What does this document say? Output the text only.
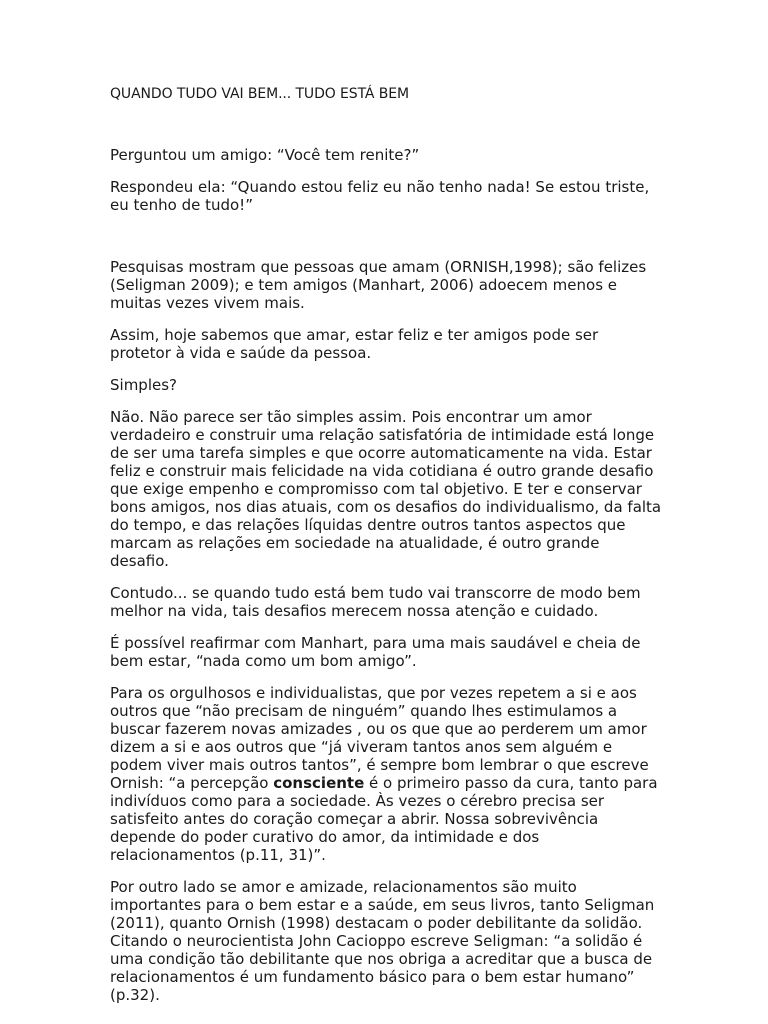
QUANDO TUDO VAI BEM... TUDO ESTÁ BEM

Perguntou um amigo: “Você tem renite?”

Respondeu ela: “Quando estou feliz eu não tenho nada! Se estou triste, eu tenho de tudo!”

Pesquisas mostram que pessoas que amam (ORNISH,1998); são felizes (Seligman 2009); e tem amigos (Manhart, 2006) adoecem menos e muitas vezes vivem mais.

Assim, hoje sabemos que amar, estar feliz e ter amigos pode ser protetor à vida e saúde da pessoa.

Simples?

Não. Não parece ser tão simples assim. Pois encontrar um amor verdadeiro e construir uma relação satisfatória de intimidade está longe de ser uma tarefa simples e que ocorre automaticamente na vida. Estar feliz e construir mais felicidade na vida cotidiana é outro grande desafio que exige empenho e compromisso com tal objetivo. E ter e conservar bons amigos, nos dias atuais, com os desafios do individualismo, da falta do tempo, e das relações líquidas dentre outros tantos aspectos que marcam as relações em sociedade na atualidade, é outro grande desafio.

Contudo... se quando tudo está bem tudo vai transcorre de modo bem melhor na vida, tais desafios merecem nossa atenção e cuidado.

É possível reafirmar com Manhart, para uma mais saudável e cheia de bem estar, “nada como um bom amigo”.

Para os orgulhosos e individualistas, que por vezes repetem a si e aos outros que “não precisam de ninguém” quando lhes estimulamos a buscar fazerem novas amizades , ou os que que ao perderem um amor dizem a si e aos outros que “já viveram tantos anos sem alguém e podem viver mais outros tantos”, é sempre bom lembrar o que escreve Ornish: “a percepção consciente é o primeiro passo da cura, tanto para indivíduos como para a sociedade. Às vezes o cérebro precisa ser satisfeito antes do coração começar a abrir. Nossa sobrevivência depende do poder curativo do amor, da intimidade e dos relacionamentos (p.11, 31)”.

Por outro lado se amor e amizade, relacionamentos são muito importantes para o bem estar e a saúde, em seus livros, tanto Seligman (2011), quanto Ornish (1998) destacam o poder debilitante da solidão. Citando o neurocientista John Cacioppo escreve Seligman: “a solidão é uma condição tão debilitante que nos obriga a acreditar que a busca de relacionamentos é um fundamento básico para o bem estar humano” (p.32).
